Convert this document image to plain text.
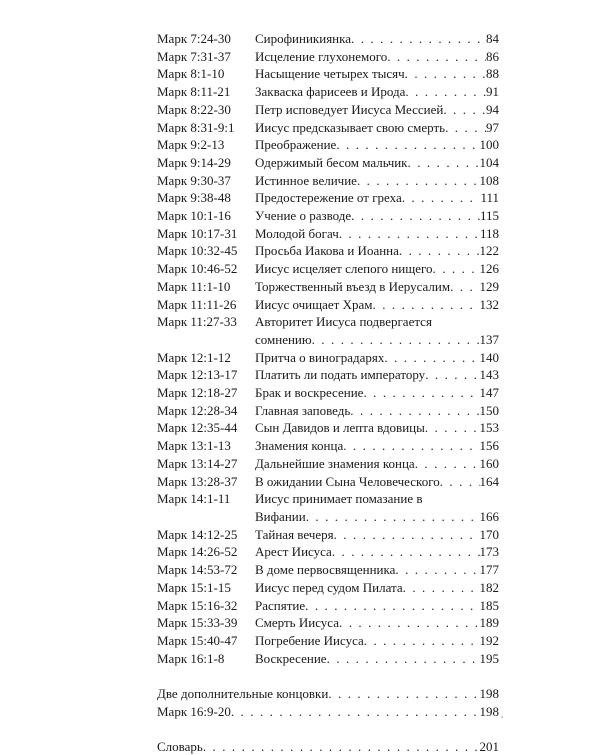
Марк 7:24-30	Сирофиникиянка . . .	84
Марк 7:31-37	Исцеление глухонемого . . .	86
Марк 8:1-10	Насыщение четырех тысяч . . .	88
Марк 8:11-21	Закваска фарисеев и Ирода . . .	91
Марк 8:22-30	Петр исповедует Иисуса Мессией . . .	94
Марк 8:31-9:1	Иисус предсказывает свою смерть . . .	97
Марк 9:2-13	Преображение . . .	100
Марк 9:14-29	Одержимый бесом мальчик . . .	104
Марк 9:30-37	Истинное величие . . .	108
Марк 9:38-48	Предостережение от греха . . .	111
Марк 10:1-16	Учение о разводе . . .	115
Марк 10:17-31	Молодой богач . . .	118
Марк 10:32-45	Просьба Иакова и Иоанна . . .	122
Марк 10:46-52	Иисус исцеляет слепого нищего . . .	126
Марк 11:1-10	Торжественный въезд в Иерусалим . . . 129
Марк 11:11-26	Иисус очищает Храм . . .	132
Марк 11:27-33	Авторитет Иисуса подвергается
сомнению . . .	137
Марк 12:1-12	Притча о виноградарях . . .	140
Марк 12:13-17	Платить ли подать императору . . .	143
Марк 12:18-27	Брак и воскресение . . .	147
Марк 12:28-34	Главная заповедь . . .	150
Марк 12:35-44	Сын Давидов и лепта вдовицы . . .	153
Марк 13:1-13	Знамения конца . . .	156
Марк 13:14-27	Дальнейшие знамения конца . . .	160
Марк 13:28-37	В ожидании Сына Человеческого . . .	164
Марк 14:1-11	Иисус принимает помазание в
Вифании . . .	166
Марк 14:12-25	Тайная вечеря . . .	170
Марк 14:26-52	Арест Иисуса . . .	173
Марк 14:53-72	В доме первосвященника . . .	177
Марк 15:1-15	Иисус перед судом Пилата . . .	182
Марк 15:16-32	Распятие . . .	185
Марк 15:33-39	Смерть Иисуса . . .	189
Марк 15:40-47	Погребение Иисуса . . .	192
Марк 16:1-8	Воскресение . . .	195
Две дополнительные концовки . . .	198
Марк 16:9-20 . . .	198
Словарь . . .	201
